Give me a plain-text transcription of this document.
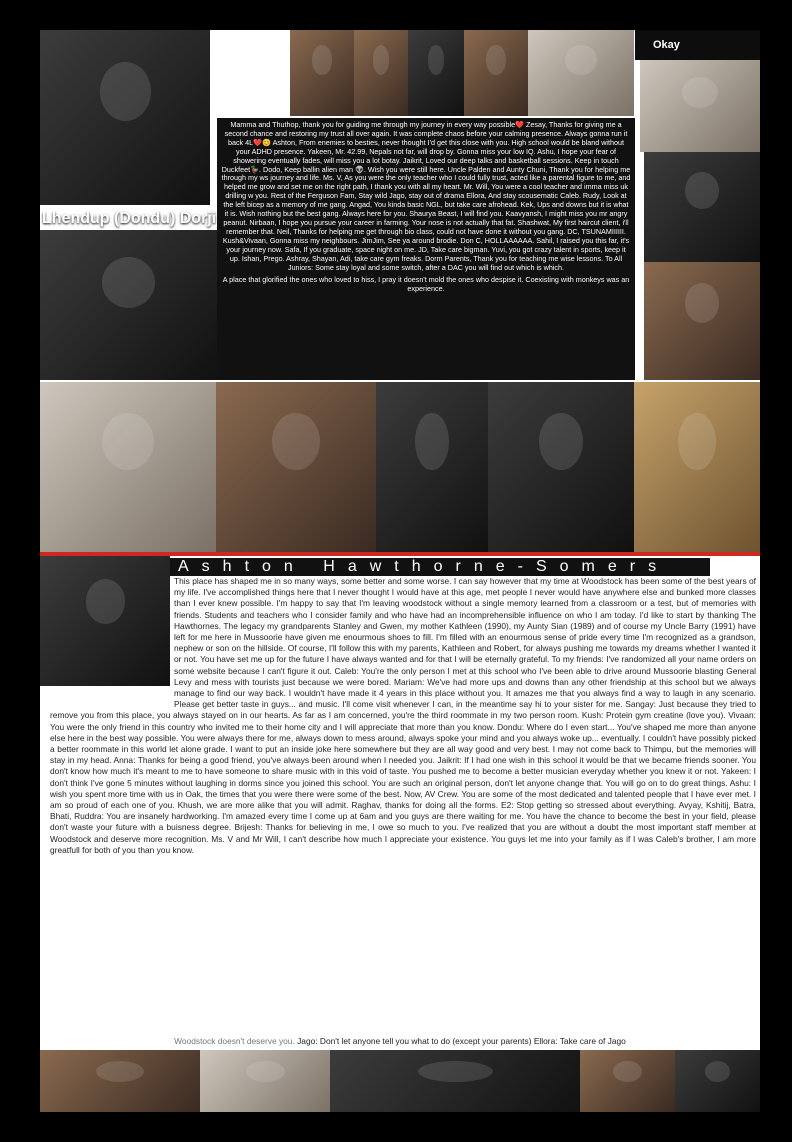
Lhendup (Dondu) Dorji
Okay

Mamma and Thuthop, thank you for guiding me through my journey in every way possible❤️ Zesay, Thanks for giving me a second chance and restoring my trust all over again. It was complete chaos before your calming presence. Always gonna run it back 4L❤️😊 Ashton, From enemies to besties, never thought I'd get this close with you. High school would be bland without your ADHD presence. Yakeen, Mr. 42.99, Nepals not far, will drop by. Gonna miss your low IQ. Ashu, I hope your fear of showering eventually fades, will miss you a lot botay. Jaikrit, Loved our deep talks and basketball sessions. Keep in touch Duckfeet🦆. Dodo, Keep ballin alien man 👽. Wish you were still here. Uncle Palden and Aunty Chuni, Thank you for helping me through my ws journey and life. Ms. V, As you were the only teacher who I could fully trust, acted like a parental figure to me, and helped me grow and set me on the right path, I thank you with all my heart. Mr. Will, You were a cool teacher and imma miss uk drilling w you. Rest of the Ferguson Fam, Stay wild Jago, stay out of drama Ellora, And stay scousematic Caleb. Rudy, Look at the left bicep as a memory of me gang. Angad, You kinda basic NGL, but take care afrohead. Kek, Ups and downs but it is what it is. Wish nothing but the best gang. Always here for you. Shaurya Beast, I will find you. Kaavyansh, I might miss you mr angry peanut. Nirbaan, I hope you pursue your career in farming. Your nose is not actually that fat. Shashwat, My first haircut client, i'll remember that. Neil, Thanks for helping me get through bio class, could not have done it without you gang. DC, TSUNAMIIIIII. Kush&Vivaan, Gonna miss my neighbours. JimJim, See ya around brodie. Don C, HOLLAAAAAA. Sahil, I raised you this far, it's your journey now. Safa, If you graduate, space night on me. JD, Take care bigman. Yuvi, you got crazy talent in sports, keep it up. Ishan, Prego. Ashray, Shayan, Adi, take care gym freaks. Dorm Parents, Thank you for teaching me wise lessons. To All Juniors: Some stay loyal and some switch, after a DAC you will find out which is which.

A place that glorified the ones who loved to hiss, I pray it doesn't mold the ones who despise it. Coexisting with monkeys was an experience.

Ashton Hawthorne-Somers
This place has shaped me in so many ways, some better and some worse. I can say however that my time at Woodstock has been some of the best years of my life. I've accomplished things here that I never thought I would have at this age, met people I never would have anywhere else and bunked more classes than I ever knew possible. I'm happy to say that I'm leaving woodstock without a single memory learned from a classroom or a test, but of memories with friends. Students and teachers who I consider family and who have had an incomprehensible influence on who I am today. I'd like to start by thanking The Hawthornes. The legacy my grandparents Stanley and Gwen, my mother Kathleen (1990), my Aunty Sian (1989) and of course my Uncle Barry (1991) have left for me here in Mussoorie have given me enourmous shoes to fill. I'm filled with an enourmous sense of pride every time I'm recognized as a grandson, nephew or son on the hillside. Of course, I'll follow this with my parents, Kathleen and Robert, for always pushing me towards my dreams whether I wanted it or not. You have set me up for the future I have always wanted and for that I will be eternally grateful. To my friends: I've randomized all your name orders on some website because I can't figure it out. Caleb: You're the only person I met at this school who I've been able to drive around Mussoorie blasting General Levy and mess with tourists just because we were bored. Mariam: We've had more ups and downs than any other friendship at this school but we always manage to find our way back. I wouldn't have made it 4 years in this place without you. It amazes me that you always find a way to laugh in any scenario. Please get better taste in guys... and music. I'll come visit whenever I can, in the meantime say hi to your sister for me. Sangay: Just because they tried to remove you from this place, you always stayed on in our hearts. As far as I am concerned, you're the third roommate in my two person room. Kush: Protein gym creatine (love you). Vivaan: You were the only friend in this country who invited me to their home city and I will appreciate that more than you know. Dondu: Where do I even start... You've shaped me more than anyone else here in the best way possible. You were always there for me, always down to mess around, always spoke your mind and you always woke up... eventually. I couldn't have possibly picked a better roommate in this world let alone grade. I want to put an inside joke here somewhere but they are all way good and very best. I may not come back to Thimpu, but the memories will stay in my head. Anna: Thanks for being a good friend, you've always been around when I needed you. Jaikrit: If I had one wish in this school it would be that we became friends sooner. You don't know how much it's meant to me to have someone to share music with in this void of taste. You pushed me to become a better musician everyday whether you knew it or not. Yakeen: I don't think I've gone 5 minutes without laughing in dorms since you joined this school. You are such an original person, don't let anyone change that. You will go on to do great things. Ashu: I wish you spent more time with us in Oak, the times that you were there were some of the best. Now, AV Crew. You are some of the most dedicated and talented people that I have ever met. I am so proud of each one of you. Khush, we are more alike that you will admit. Raghav, thanks for doing all the forms. E2: Stop getting so stressed about everything. Avyay, Kshitij, Batra, Bhati, Ruddra: You are insanely hardworking. I'm amazed every time I come up at 6am and you guys are there waiting for me. You have the chance to become the best in your field, please don't waste your future with a buisness degree. Brijesh: Thanks for believing in me, I owe so much to you. I've realized that you are without a doubt the most important staff member at Woodstock and deserve more recognition. Ms. V and Mr Will, I can't describe how much I appreciate your existence. You guys let me into your family as if I was Caleb's brother, I am more greatfull for both of you than you know.
Woodstock doesn't deserve you. Jago: Don't let anyone tell you what to do (except your parents) Ellora: Take care of Jago
